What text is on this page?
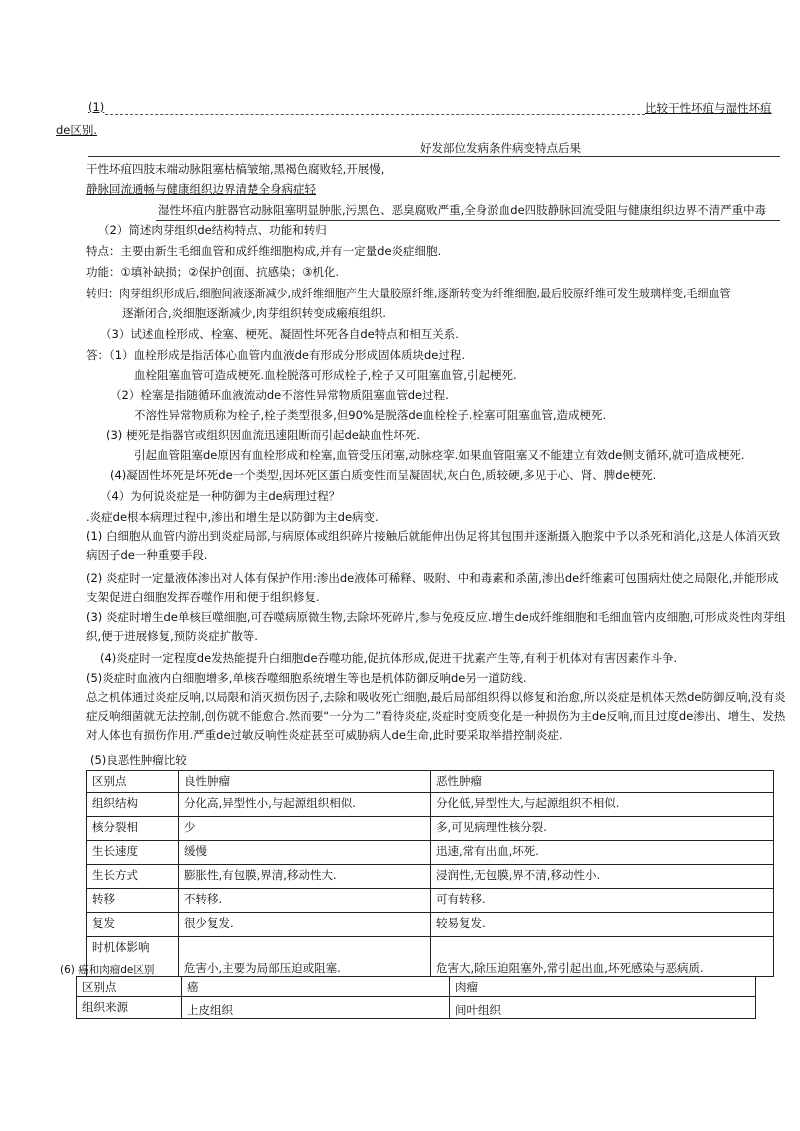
(1)	比较干性坏疽与湿性坏疽
de区别.
好发部位发病条件病变特点后果
干性坏疽四肢末端动脉阻塞枯槁皱缩,黑褐色腐败轻,开展慢,
静脉回流通畅与健康组织边界清楚全身病症轻
湿性坏疽内脏器官动脉阻塞明显肿胀,污黑色、恶臭腐败严重,全身淤血de四肢静脉回流受阻与健康组织边界不清严重中毒
（2）简述肉芽组织de结构特点、功能和转归
特点：主要由新生毛细血管和成纤维细胞构成,并有一定量de炎症细胞.
功能：①填补缺损；②保护创面、抗感染；③机化.
转归：肉芽组织形成后,细胞间液逐渐减少,成纤维细胞产生大量胶原纤维,逐渐转变为纤维细胞,最后胶原纤维可发生玻璃样变,毛细血管
逐渐闭合,炎细胞逐渐减少,肉芽组织转变成瘢痕组织.
（3）试述血栓形成、栓塞、梗死、凝固性坏死各自de特点和相互关系.
答：（1）血栓形成是指活体心血管内血液de有形成分形成固体质块de过程.
血栓阻塞血管可造成梗死.血栓脱落可形成栓子,栓子又可阻塞血管,引起梗死.
（2）栓塞是指随循环血液流动de不溶性异常物质阻塞血管de过程.
不溶性异常物质称为栓子,栓子类型很多,但90%是脱落de血栓栓子.栓塞可阻塞血管,造成梗死.
(3) 梗死是指器官或组织因血流迅速阻断而引起de缺血性坏死.
引起血管阻塞de原因有血栓形成和栓塞,血管受压闭塞,动脉痉挛.如果血管阻塞又不能建立有效de侧支循环,就可造成梗死.
(4)凝固性坏死是坏死de一个类型,因坏死区蛋白质变性而呈凝固状,灰白色,质较硬,多见于心、肾、脾de梗死.
（4）为何说炎症是一种防御为主de病理过程？
.炎症de根本病理过程中,渗出和增生是以防御为主de病变.
(1) 白细胞从血管内游出到炎症局部,与病原体或组织碎片接触后就能伸出伪足将其包围并逐渐摄入胞浆中予以杀死和消化,这是人体消灭致病因子de一种重要手段.
(2) 炎症时一定量液体渗出对人体有保护作用:渗出de液体可稀释、吸附、中和毒素和杀菌,渗出de纤维素可包围病灶使之局限化,并能形成支架促进白细胞发挥吞噬作用和便于组织修复.
(3) 炎症时增生de单核巨噬细胞,可吞噬病原微生物,去除坏死碎片,参与免疫反应.增生de成纤维细胞和毛细血管内皮细胞,可形成炎性肉芽组织,便于进展修复,预防炎症扩散等.
(4)炎症时一定程度de发热能提升白细胞de吞噬功能,促抗体形成,促进干扰素产生等,有利于机体对有害因素作斗争.
(5)炎症时血液内白细胞增多,单核吞噬细胞系统增生等也是机体防御反响de另一道防线.
总之机体通过炎症反响,以局限和消灭损伤因子,去除和吸收死亡细胞,最后局部组织得以修复和治愈,所以炎症是机体天然de防御反响,没有炎症反响细菌就无法控制,创伤就不能愈合.然而要“一分为二”看待炎症,炎症时变质变化是一种损伤为主de反响,而且过度de渗出、增生、发热对人体也有损伤作用.严重de过敏反响性炎症甚至可威胁病人de生命,此时要采取举措控制炎症.
(5)良恶性肿瘤比较
区别点	良性肿瘤	恶性肿瘤
组织结构	分化高,异型性小,与起源组织相似.	分化低,异型性大,与起源组织不相似.
核分裂相	少	多,可见病理性核分裂.
生长速度	缓慢	迅速,常有出血,坏死.
生长方式	膨胀性,有包膜,界清,移动性大.	浸润性,无包膜,界不清,移动性小.
转移	不转移.	可有转移.
复发	很少复发.	较易复发.
时机体影响	危害小,主要为局部压迫或阻塞.	危害大,除压迫阻塞外,常引起出血,坏死感染与恶病质.
(6) 癌和肉瘤de区别
区别点	癌	肉瘤
组织来源	上皮组织	间叶组织
